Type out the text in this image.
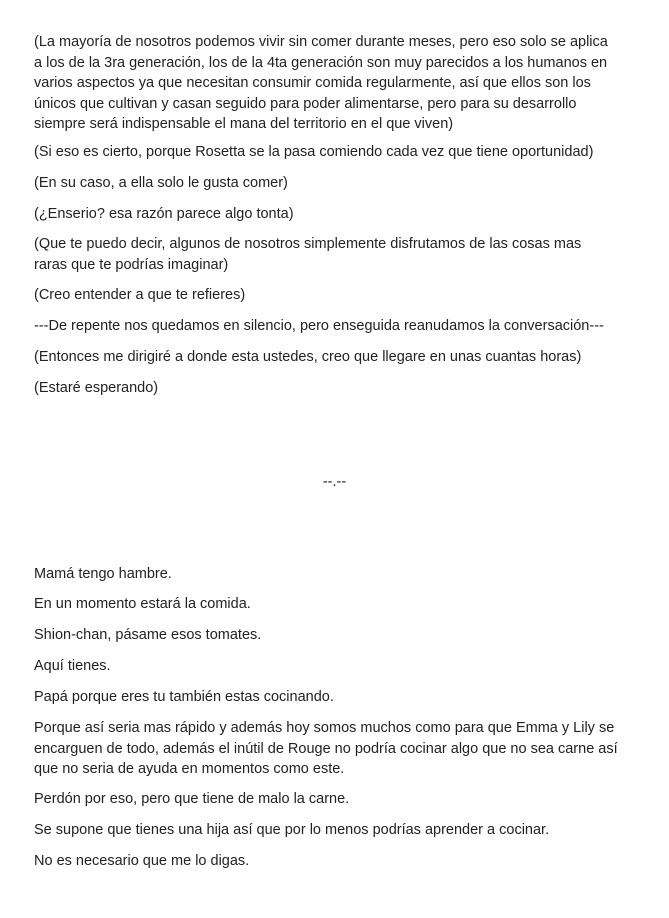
(La mayoría de nosotros podemos vivir sin comer durante meses, pero eso solo se aplica
a los de la 3ra generación, los de la 4ta generación son muy parecidos a los humanos en
varios aspectos ya que necesitan consumir comida regularmente, así que ellos son los
únicos que cultivan y casan seguido para poder alimentarse, pero para su desarrollo
siempre será indispensable el mana del territorio en el que viven)

(Si eso es cierto, porque Rosetta se la pasa comiendo cada vez que tiene oportunidad)

(En su caso, a ella solo le gusta comer)

(¿Enserio? esa razón parece algo tonta)

(Que te puedo decir, algunos de nosotros simplemente disfrutamos de las cosas mas
raras que te podrías imaginar)

(Creo entender a que te refieres)

---De repente nos quedamos en silencio, pero enseguida reanudamos la conversación---

(Entonces me dirigiré a donde esta ustedes, creo que llegare en unas cuantas horas)

(Estaré esperando)

--.--

Mamá tengo hambre.

En un momento estará la comida.

Shion-chan, pásame esos tomates.

Aquí tienes.

Papá porque eres tu también estas cocinando.

Porque así seria mas rápido y además hoy somos muchos como para que Emma y Lily se
encarguen de todo, además el inútil de Rouge no podría cocinar algo que no sea carne así
que no seria de ayuda en momentos como este.

Perdón por eso, pero que tiene de malo la carne.

Se supone que tienes una hija así que por lo menos podrías aprender a cocinar.

No es necesario que me lo digas.
